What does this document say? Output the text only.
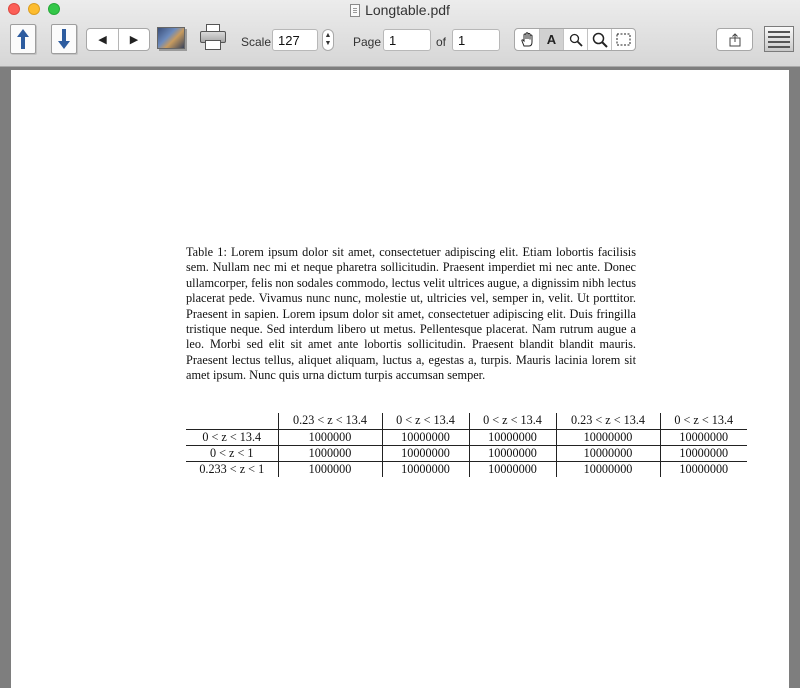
Longtable.pdf
◀ ▶	Scale
127	▲
▼ Page
1	of
1	A

Table 1: Lorem ipsum dolor sit amet, consectetuer adipiscing elit. Etiam lobortis facilisis sem. Nullam nec mi et neque pharetra sollicitudin. Praesent imperdiet mi nec ante. Donec ullamcorper, felis non sodales commodo, lectus velit ultrices augue, a dignissim nibh lectus placerat pede. Vivamus nunc nunc, molestie ut, ultricies vel, semper in, velit. Ut porttitor. Praesent in sapien. Lorem ipsum dolor sit amet, consectetuer adipiscing elit. Duis fringilla tristique neque. Sed interdum libero ut metus. Pellentesque placerat. Nam rutrum augue a leo. Morbi sed elit sit amet ante lobortis sollicitudin. Praesent blandit blandit mauris. Praesent lectus tellus, aliquet aliquam, luctus a, egestas a, turpis. Mauris lacinia lorem sit amet ipsum. Nunc quis urna dictum turpis accumsan semper.

	0.23 < z < 13.4	0 < z < 13.4	0 < z < 13.4	0.23 < z < 13.4	0 < z < 13.4
0 < z < 13.4	1000000	10000000	10000000	10000000	10000000
0 < z < 1	1000000	10000000	10000000	10000000	10000000
0.233 < z < 1	1000000	10000000	10000000	10000000	10000000
